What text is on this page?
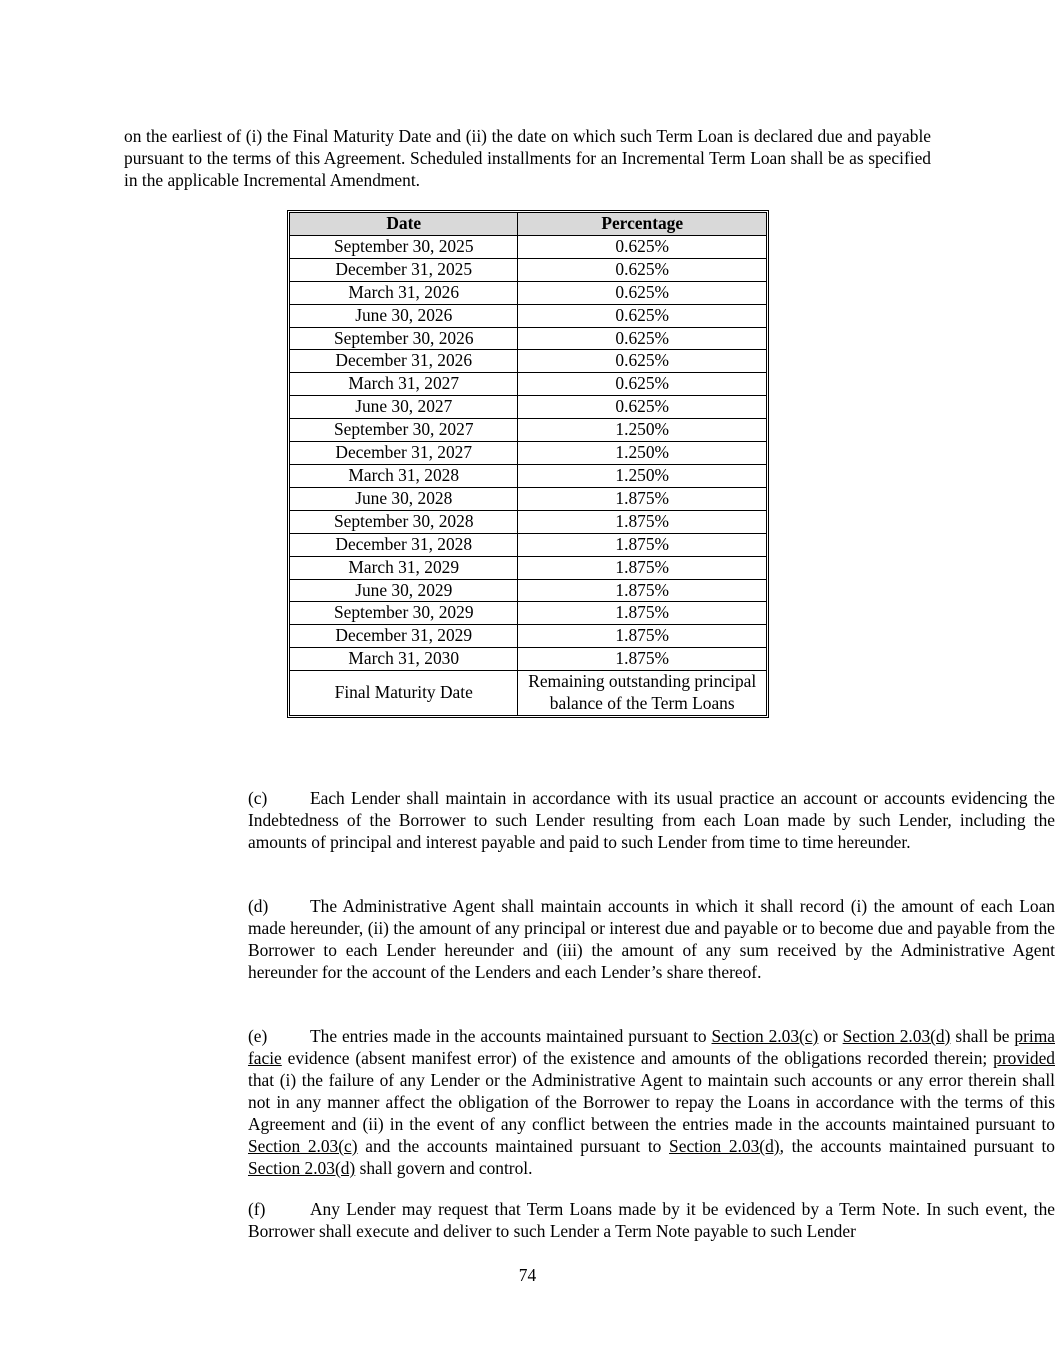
on the earliest of (i) the Final Maturity Date and (ii) the date on which such Term Loan is declared due and payable pursuant to the terms of this Agreement. Scheduled installments for an Incremental Term Loan shall be as specified in the applicable Incremental Amendment.

Date	Percentage
September 30, 2025	0.625%
December 31, 2025	0.625%
March 31, 2026	0.625%
June 30, 2026	0.625%
September 30, 2026	0.625%
December 31, 2026	0.625%
March 31, 2027	0.625%
June 30, 2027	0.625%
September 30, 2027	1.250%
December 31, 2027	1.250%
March 31, 2028	1.250%
June 30, 2028	1.875%
September 30, 2028	1.875%
December 31, 2028	1.875%
March 31, 2029	1.875%
June 30, 2029	1.875%
September 30, 2029	1.875%
December 31, 2029	1.875%
March 31, 2030	1.875%
Final Maturity Date	Remaining outstanding principal balance of the Term Loans

(c) Each Lender shall maintain in accordance with its usual practice an account or accounts evidencing the Indebtedness of the Borrower to such Lender resulting from each Loan made by such Lender, including the amounts of principal and interest payable and paid to such Lender from time to time hereunder.

(d) The Administrative Agent shall maintain accounts in which it shall record (i) the amount of each Loan made hereunder, (ii) the amount of any principal or interest due and payable or to become due and payable from the Borrower to each Lender hereunder and (iii) the amount of any sum received by the Administrative Agent hereunder for the account of the Lenders and each Lender’s share thereof.

(e) The entries made in the accounts maintained pursuant to Section 2.03(c) or Section 2.03(d) shall be prima facie evidence (absent manifest error) of the existence and amounts of the obligations recorded therein; provided that (i) the failure of any Lender or the Administrative Agent to maintain such accounts or any error therein shall not in any manner affect the obligation of the Borrower to repay the Loans in accordance with the terms of this Agreement and (ii) in the event of any conflict between the entries made in the accounts maintained pursuant to Section 2.03(c) and the accounts maintained pursuant to Section 2.03(d), the accounts maintained pursuant to Section 2.03(d) shall govern and control.

(f)	Any Lender may request that Term Loans made by it be evidenced by a Term Note. In such event, the Borrower shall execute and deliver to such Lender a Term Note payable to such Lender

74
